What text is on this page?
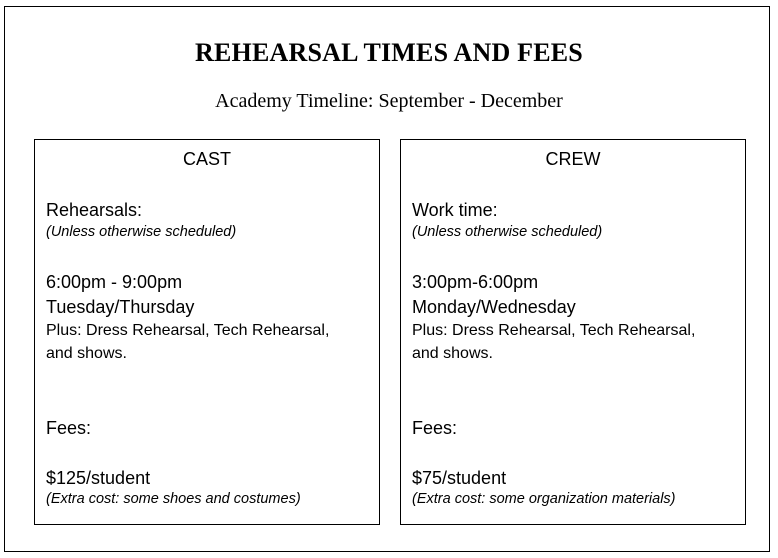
REHEARSAL TIMES AND FEES
Academy Timeline: September - December
CAST
Rehearsals:
(Unless otherwise scheduled)
6:00pm - 9:00pm
Tuesday/Thursday
Plus: Dress Rehearsal, Tech Rehearsal,
and shows.
Fees:
$125/student
(Extra cost: some shoes and costumes)
CREW
Work time:
(Unless otherwise scheduled)
3:00pm-6:00pm
Monday/Wednesday
Plus: Dress Rehearsal, Tech Rehearsal,
and shows.
Fees:
$75/student
(Extra cost: some organization materials)
